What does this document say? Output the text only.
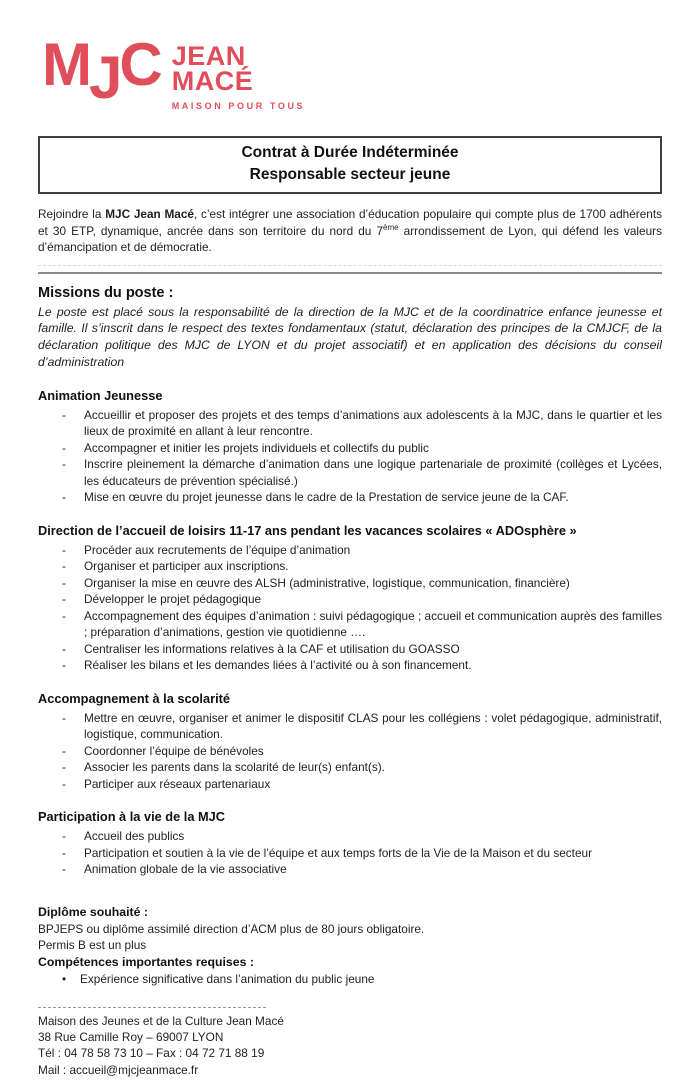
MJC JEAN
MACÉ
MAISON POUR TOUS
Contrat à Durée Indéterminée
Responsable secteur jeune

Rejoindre la MJC Jean Macé, c’est intégrer une association d’éducation populaire qui compte plus de 1700 adhérents et 30 ETP, dynamique, ancrée dans son territoire du nord du 7ème arrondissement de Lyon, qui défend les valeurs d’émancipation et de démocratie.

Missions du poste :

Le poste est placé sous la responsabilité de la direction de la MJC et de la coordinatrice enfance jeunesse et famille. Il s’inscrit dans le respect des textes fondamentaux (statut, déclaration des principes de la CMJCF, de la déclaration politique des MJC de LYON et du projet associatif) et en application des décisions du conseil d’administration

Animation Jeunesse
-	Accueillir et proposer des projets et des temps d’animations aux adolescents à la MJC, dans le quartier et les lieux de proximité en allant à leur rencontre.
-	Accompagner et initier les projets individuels et collectifs du public
-	Inscrire pleinement la démarche d’animation dans une logique partenariale de proximité (collèges et Lycées, les éducateurs de prévention spécialisé.)
-	Mise en œuvre du projet jeunesse dans le cadre de la Prestation de service jeune de la CAF.
Direction de l’accueil de loisirs 11-17 ans pendant les vacances scolaires « ADOsphère »
-	Procéder aux recrutements de l’équipe d’animation
-	Organiser et participer aux inscriptions.
-	Organiser la mise en œuvre des ALSH (administrative, logistique, communication, financière)
-	Développer le projet pédagogique
-	Accompagnement des équipes d’animation : suivi pédagogique ; accueil et communication auprès des familles ; préparation d’animations, gestion vie quotidienne ….
-	Centraliser les informations relatives à la CAF et utilisation du GOASSO
-	Réaliser les bilans et les demandes liées à l’activité ou à son financement.
Accompagnement à la scolarité
-	Mettre en œuvre, organiser et animer le dispositif CLAS pour les collégiens : volet pédagogique, administratif, logistique, communication.
-	Coordonner l’équipe de bénévoles
-	Associer les parents dans la scolarité de leur(s) enfant(s).
-	Participer aux réseaux partenariaux
Participation à la vie de la MJC
-	Accueil des publics
-	Participation et soutien à la vie de l’équipe et aux temps forts de la Vie de la Maison et du secteur
-	Animation globale de la vie associative
Diplôme souhaité :
BPJEPS ou diplôme assimilé direction d’ACM plus de 80 jours obligatoire.
Permis B est un plus
Compétences importantes requises :
•	Expérience significative dans l’animation du public jeune
Maison des Jeunes et de la Culture Jean Macé
38 Rue Camille Roy – 69007 LYON
Tél : 04 78 58 73 10 – Fax : 04 72 71 88 19
Mail : accueil@mjcjeanmace.fr
